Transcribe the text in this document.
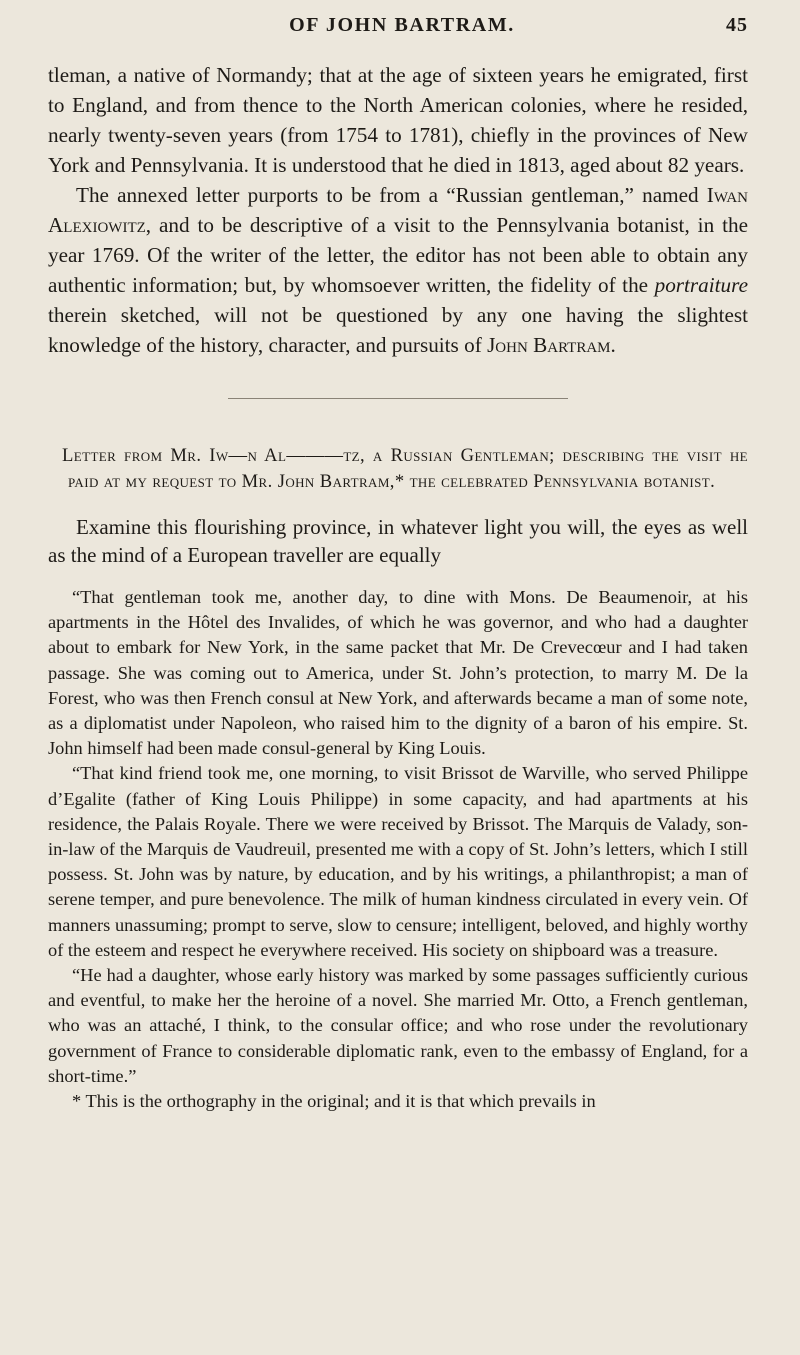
OF JOHN BARTRAM.	45

tleman, a native of Normandy; that at the age of sixteen years he emigrated, first to England, and from thence to the North American colonies, where he resided, nearly twenty-seven years (from 1754 to 1781), chiefly in the provinces of New York and Pennsylvania. It is understood that he died in 1813, aged about 82 years.

The annexed letter purports to be from a “Russian gentleman,” named Iwan Alexiowitz, and to be descriptive of a visit to the Pennsylvania botanist, in the year 1769. Of the writer of the letter, the editor has not been able to obtain any authentic information; but, by whomsoever written, the fidelity of the portraiture therein sketched, will not be questioned by any one having the slightest knowledge of the history, character, and pursuits of John Bartram.

Letter from Mr. Iw—n Al———tz, a Russian Gentleman; describing the visit he paid at my request to Mr. John Bartram,* the celebrated Pennsylvania botanist.

Examine this flourishing province, in whatever light you will, the eyes as well as the mind of a European traveller are equally

“That gentleman took me, another day, to dine with Mons. De Beaumenoir, at his apartments in the Hôtel des Invalides, of which he was governor, and who had a daughter about to embark for New York, in the same packet that Mr. De Crevecœur and I had taken passage. She was coming out to America, under St. John’s protection, to marry M. De la Forest, who was then French consul at New York, and afterwards became a man of some note, as a diplomatist under Napoleon, who raised him to the dignity of a baron of his empire. St. John himself had been made consul-general by King Louis.

“That kind friend took me, one morning, to visit Brissot de Warville, who served Philippe d’Egalite (father of King Louis Philippe) in some capacity, and had apartments at his residence, the Palais Royale. There we were received by Brissot. The Marquis de Valady, son-in-law of the Marquis de Vaudreuil, presented me with a copy of St. John’s letters, which I still possess. St. John was by nature, by education, and by his writings, a philanthropist; a man of serene temper, and pure benevolence. The milk of human kindness circulated in every vein. Of manners unassuming; prompt to serve, slow to censure; intelligent, beloved, and highly worthy of the esteem and respect he everywhere received. His society on shipboard was a treasure.

“He had a daughter, whose early history was marked by some passages sufficiently curious and eventful, to make her the heroine of a novel. She married Mr. Otto, a French gentleman, who was an attaché, I think, to the consular office; and who rose under the revolutionary government of France to considerable diplomatic rank, even to the embassy of England, for a short-time.”

* This is the orthography in the original; and it is that which prevails in
